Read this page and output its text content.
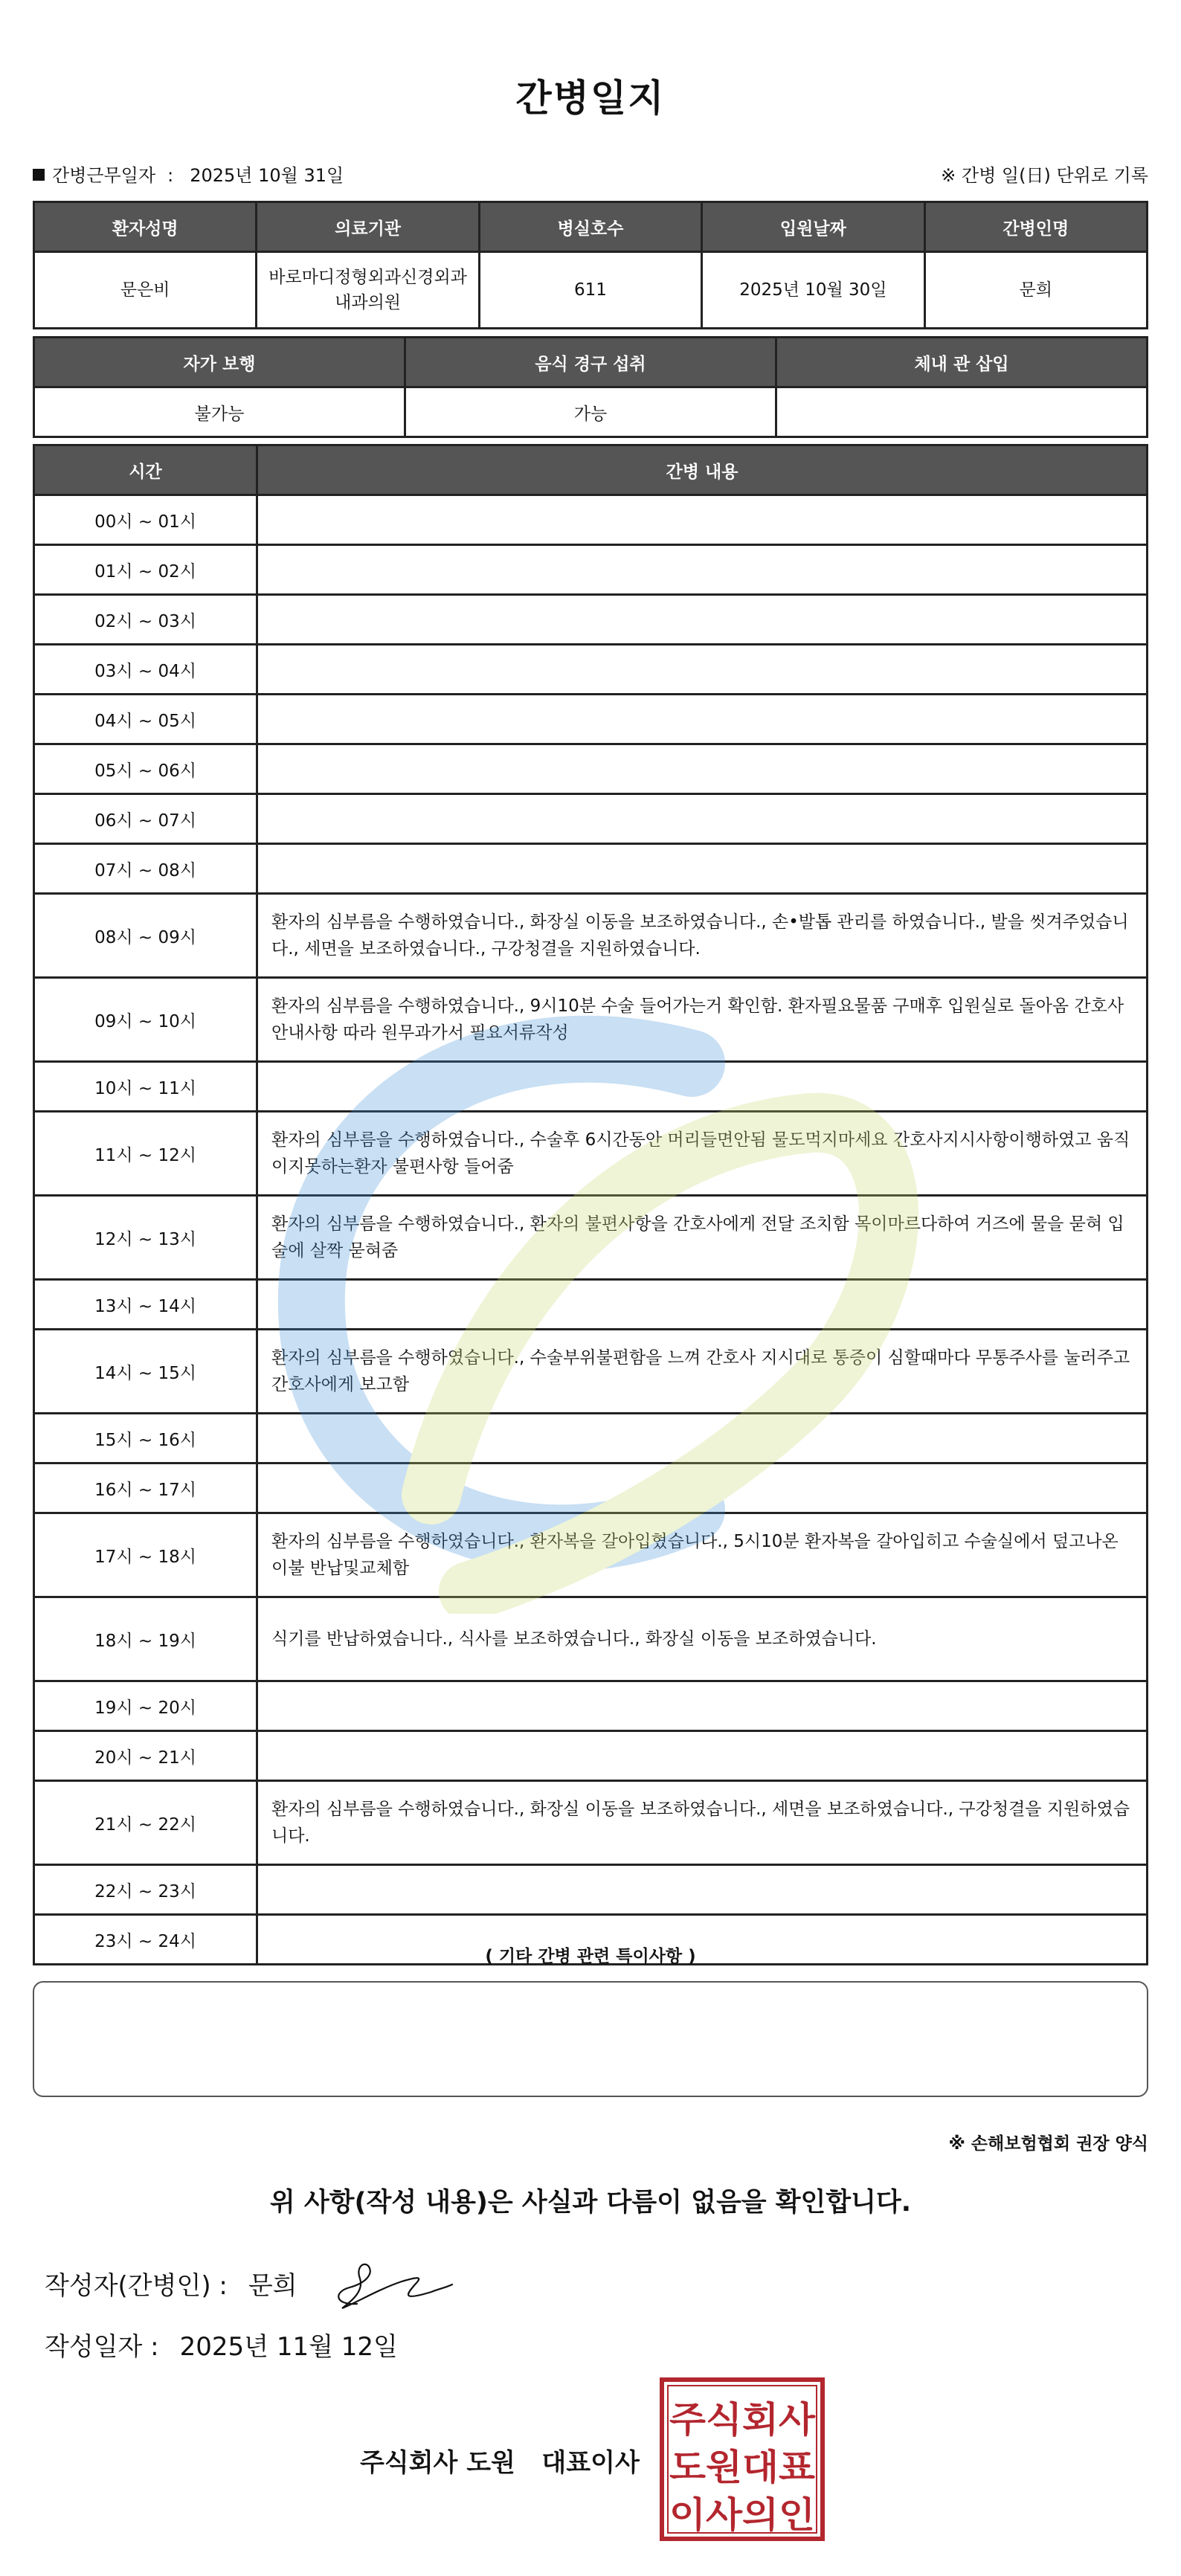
간병일지
간병근무일자 : 2025년 10월 31일	※ 간병 일(日) 단위로 기록
환자성명	의료기관	병실호수	입원날짜	간병인명
문은비	바로마디정형외과신경외과내과의원	611	2025년 10월 30일	문희
자가 보행	음식 경구 섭취	체내 관 삽입
불가능	가능	
시간	간병 내용
00시 ~ 01시	
01시 ~ 02시	
02시 ~ 03시	
03시 ~ 04시	
04시 ~ 05시	
05시 ~ 06시	
06시 ~ 07시	
07시 ~ 08시	
08시 ~ 09시	환자의 심부름을 수행하였습니다., 화장실 이동을 보조하였습니다., 손•발톱 관리를 하였습니다., 발을 씻겨주었습니다., 세면을 보조하였습니다., 구강청결을 지원하였습니다.
09시 ~ 10시	환자의 심부름을 수행하였습니다., 9시10분 수술 들어가는거 확인함. 환자필요물품 구매후 입원실로 돌아옴 간호사안내사항 따라 원무과가서 필요서류작성
10시 ~ 11시	
11시 ~ 12시	환자의 심부름을 수행하였습니다., 수술후 6시간동안 머리들면안됨 물도먹지마세요 간호사지시사항이행하였고 움직이지못하는환자 불편사항 들어줌
12시 ~ 13시	환자의 심부름을 수행하였습니다., 환자의 불편사항을 간호사에게 전달 조치함 목이마르다하여 거즈에 물을 묻혀 입술에 살짝 묻혀줌
13시 ~ 14시	
14시 ~ 15시	환자의 심부름을 수행하였습니다., 수술부위불편함을 느껴 간호사 지시대로 통증이 심할때마다 무통주사를 눌러주고 간호사에게 보고함
15시 ~ 16시	
16시 ~ 17시	
17시 ~ 18시	환자의 심부름을 수행하였습니다., 환자복을 갈아입혔습니다., 5시10분 환자복을 갈아입히고 수술실에서 덮고나온 이불 반납및교체함
18시 ~ 19시	식기를 반납하였습니다., 식사를 보조하였습니다., 화장실 이동을 보조하였습니다.
19시 ~ 20시	
20시 ~ 21시	
21시 ~ 22시	환자의 심부름을 수행하였습니다., 화장실 이동을 보조하였습니다., 세면을 보조하였습니다., 구강청결을 지원하였습니다.
22시 ~ 23시	
23시 ~ 24시	
( 기타 간병 관련 특이사항 )
※ 손해보험협회 권장 양식
위 사항(작성 내용)은 사실과 다름이 없음을 확인합니다.
작성자(간병인) : 문희
작성일자 : 2025년 11월 12일
주식회사 도원   대표이사
주식회사
도원대표
이사의인
